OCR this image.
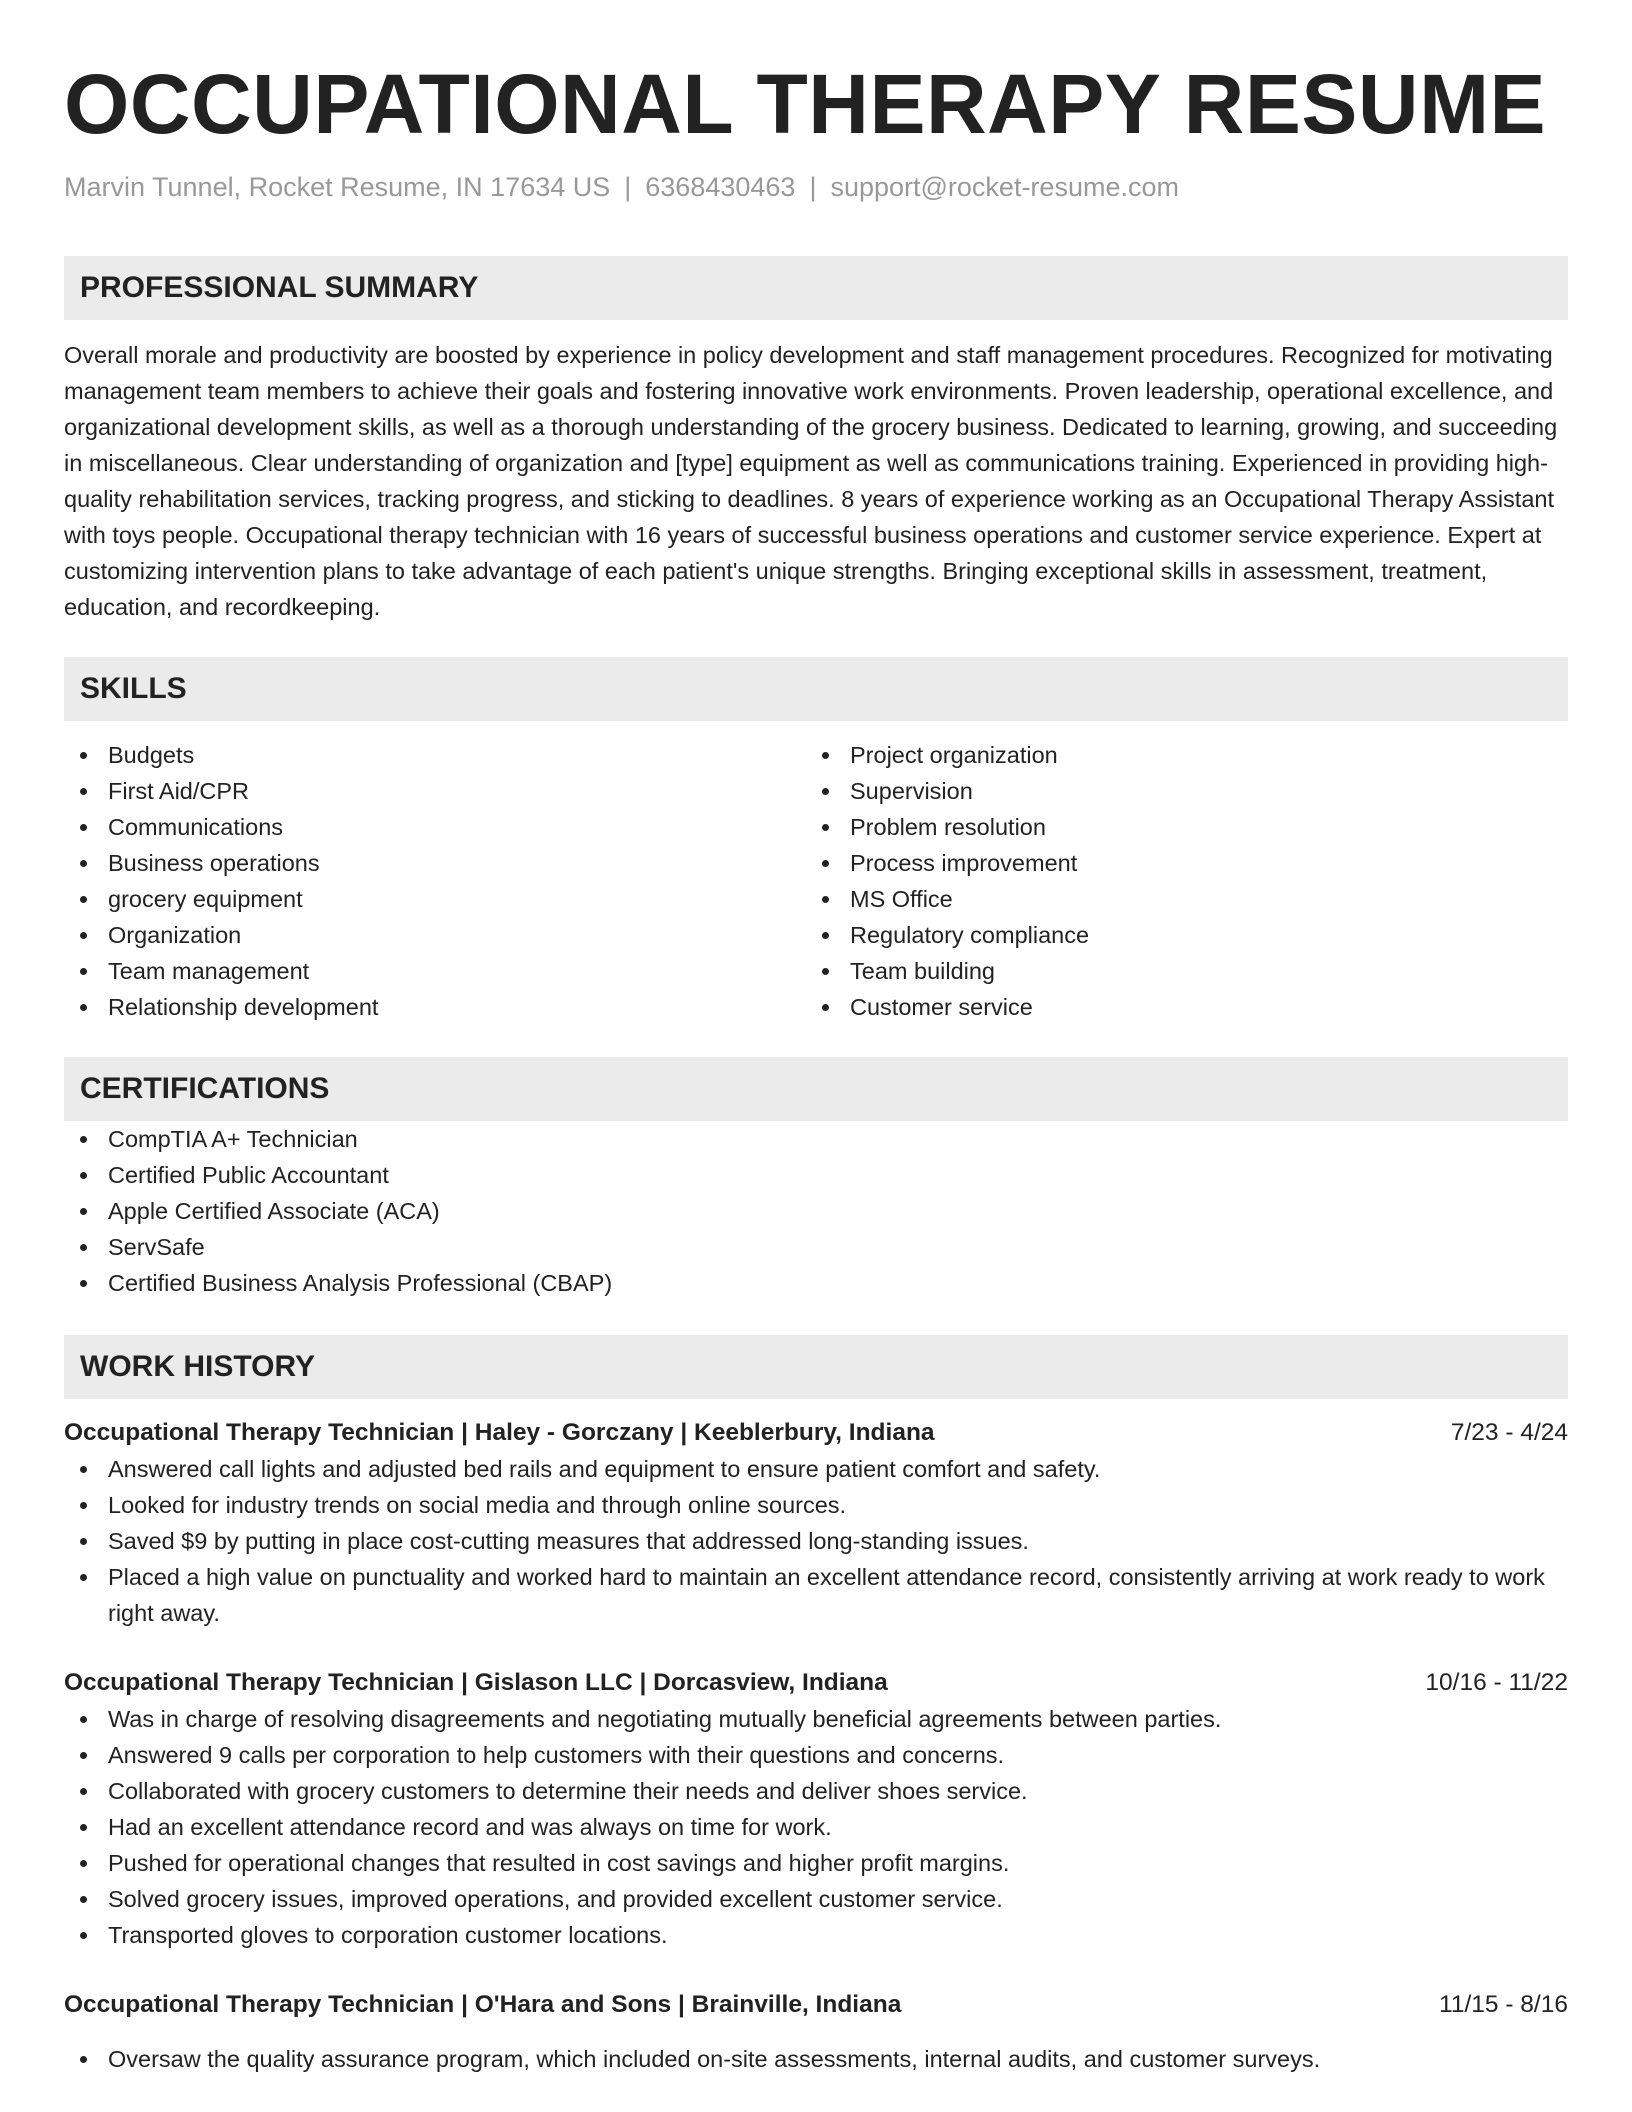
OCCUPATIONAL THERAPY RESUME
Marvin Tunnel, Rocket Resume, IN 17634 US | 6368430463 | support@rocket-resume.com
PROFESSIONAL SUMMARY
Overall morale and productivity are boosted by experience in policy development and staff management procedures. Recognized for motivating management team members to achieve their goals and fostering innovative work environments. Proven leadership, operational excellence, and organizational development skills, as well as a thorough understanding of the grocery business. Dedicated to learning, growing, and succeeding in miscellaneous. Clear understanding of organization and [type] equipment as well as communications training. Experienced in providing high-quality rehabilitation services, tracking progress, and sticking to deadlines. 8 years of experience working as an Occupational Therapy Assistant with toys people. Occupational therapy technician with 16 years of successful business operations and customer service experience. Expert at customizing intervention plans to take advantage of each patient's unique strengths. Bringing exceptional skills in assessment, treatment, education, and recordkeeping.
SKILLS
Budgets
First Aid/CPR
Communications
Business operations
grocery equipment
Organization
Team management
Relationship development
Project organization
Supervision
Problem resolution
Process improvement
MS Office
Regulatory compliance
Team building
Customer service
CERTIFICATIONS
CompTIA A+ Technician
Certified Public Accountant
Apple Certified Associate (ACA)
ServSafe
Certified Business Analysis Professional (CBAP)
WORK HISTORY
Occupational Therapy Technician | Haley - Gorczany | Keeblerbury, Indiana	7/23 - 4/24
Answered call lights and adjusted bed rails and equipment to ensure patient comfort and safety.
Looked for industry trends on social media and through online sources.
Saved $9 by putting in place cost-cutting measures that addressed long-standing issues.
Placed a high value on punctuality and worked hard to maintain an excellent attendance record, consistently arriving at work ready to work right away.
Occupational Therapy Technician | Gislason LLC | Dorcasview, Indiana	10/16 - 11/22
Was in charge of resolving disagreements and negotiating mutually beneficial agreements between parties.
Answered 9 calls per corporation to help customers with their questions and concerns.
Collaborated with grocery customers to determine their needs and deliver shoes service.
Had an excellent attendance record and was always on time for work.
Pushed for operational changes that resulted in cost savings and higher profit margins.
Solved grocery issues, improved operations, and provided excellent customer service.
Transported gloves to corporation customer locations.
Occupational Therapy Technician | O'Hara and Sons | Brainville, Indiana	11/15 - 8/16
Oversaw the quality assurance program, which included on-site assessments, internal audits, and customer surveys.
